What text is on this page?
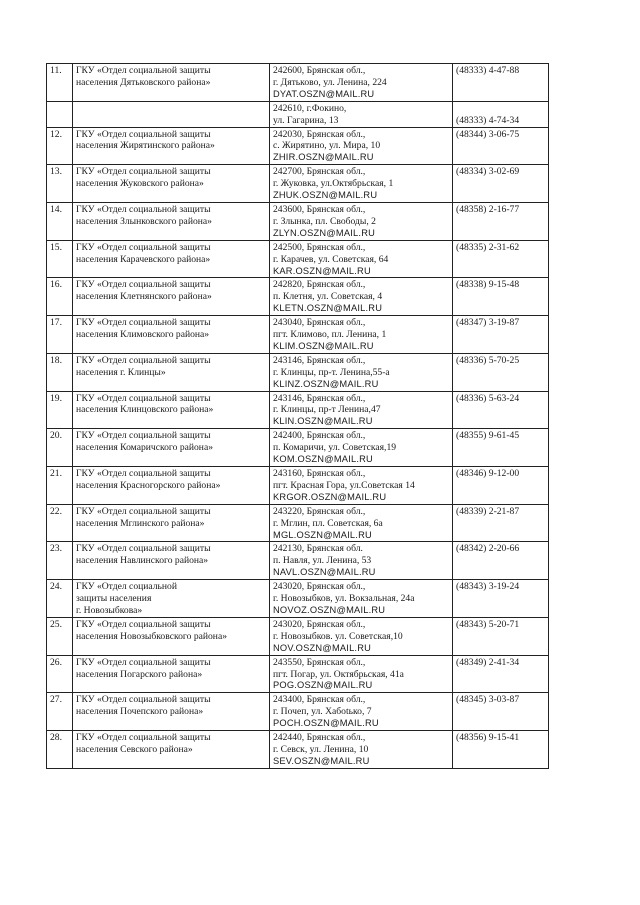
11.	ГКУ «Отдел социальной защиты
населения Дятьковского района»	242600, Брянская обл.,
г. Дятьково, ул. Ленина, 224
DYAT.OSZN@MAIL.RU	(48333) 4-47-88

		242610, г.Фокино,
ул. Гагарина, 13	(48333) 4-74-34
12.	ГКУ «Отдел социальной защиты
населения Жирятинского района»	242030, Брянская обл.,
с. Жирятино, ул. Мира, 10
ZHIR.OSZN@MAIL.RU	(48344) 3-06-75
13.	ГКУ «Отдел социальной защиты
населения Жуковского района»	242700, Брянская обл.,
г. Жуковка, ул.Октябрьская, 1
ZHUK.OSZN@MAIL.RU	(48334) 3-02-69
14.	ГКУ «Отдел социальной защиты
населения Злынковского района»	243600, Брянская обл.,
г. Злынка, пл. Свободы, 2
ZLYN.OSZN@MAIL.RU	(48358) 2-16-77
15.	ГКУ «Отдел социальной защиты
населения Карачевского района»	242500, Брянская обл.,
г. Карачев, ул. Советская, 64
KAR.OSZN@MAIL.RU	(48335) 2-31-62
16.	ГКУ «Отдел социальной защиты
населения Клетнянского района»	242820, Брянская обл.,
п. Клетня, ул. Советская, 4
KLETN.OSZN@MAIL.RU	(48338) 9-15-48
17.	ГКУ «Отдел социальной защиты
населения Климовского района»	243040, Брянская обл.,
пгт. Климово, пл. Ленина, 1
KLIM.OSZN@MAIL.RU	(48347) 3-19-87
18.	ГКУ «Отдел социальной защиты
населения г. Клинцы»	243146, Брянская обл.,
г. Клинцы, пр-т. Ленина,55-а
KLINZ.OSZN@MAIL.RU	(48336) 5-70-25
19.	ГКУ «Отдел социальной защиты
населения Клинцовского района»	243146, Брянская обл.,
г. Клинцы, пр-т Ленина,47
KLIN.OSZN@MAIL.RU	(48336) 5-63-24
20.	ГКУ «Отдел социальной защиты
населения Комаричского района»	242400, Брянская обл.,
п. Комаричи, ул. Советская,19
KOM.OSZN@MAIL.RU	(48355) 9-61-45
21.	ГКУ «Отдел социальной защиты
населения Красногорского района»	243160, Брянская обл.,
пгт. Красная Гора, ул.Советская 14
KRGOR.OSZN@MAIL.RU	(48346) 9-12-00
22.	ГКУ «Отдел социальной защиты
населения Мглинского района»	243220, Брянская обл.,
г. Мглин, пл. Советская, 6а
MGL.OSZN@MAIL.RU	(48339) 2-21-87
23.	ГКУ «Отдел социальной защиты
населения Навлинского района»	242130, Брянская обл.
п. Навля, ул. Ленина, 53
NAVL.OSZN@MAIL.RU	(48342) 2-20-66
24.	ГКУ «Отдел социальной
защиты населения
г. Новозыбкова»	243020, Брянская обл.,
г. Новозыбков, ул. Вокзальная, 24а
NOVOZ.OSZN@MAIL.RU	(48343) 3-19-24
25.	ГКУ «Отдел социальной защиты
населения Новозыбковского района»	243020, Брянская обл.,
г. Новозыбков. ул. Советская,10
NOV.OSZN@MAIL.RU	(48343) 5-20-71
26.	ГКУ «Отдел социальной защиты
населения Погарского района»	243550, Брянская обл.,
пгт. Погар, ул. Октябрьская, 41а
POG.OSZN@MAIL.RU	(48349) 2-41-34
27.	ГКУ «Отдел социальной защиты
населения Почепского района»	243400, Брянская обл.,
г. Почеп, ул. Хабotько, 7
POCH.OSZN@MAIL.RU	(48345) 3-03-87
28.	ГКУ «Отдел социальной защиты
населения Севского района»	242440, Брянская обл.,
г. Севск, ул. Ленина, 10
SEV.OSZN@MAIL.RU	(48356) 9-15-41
